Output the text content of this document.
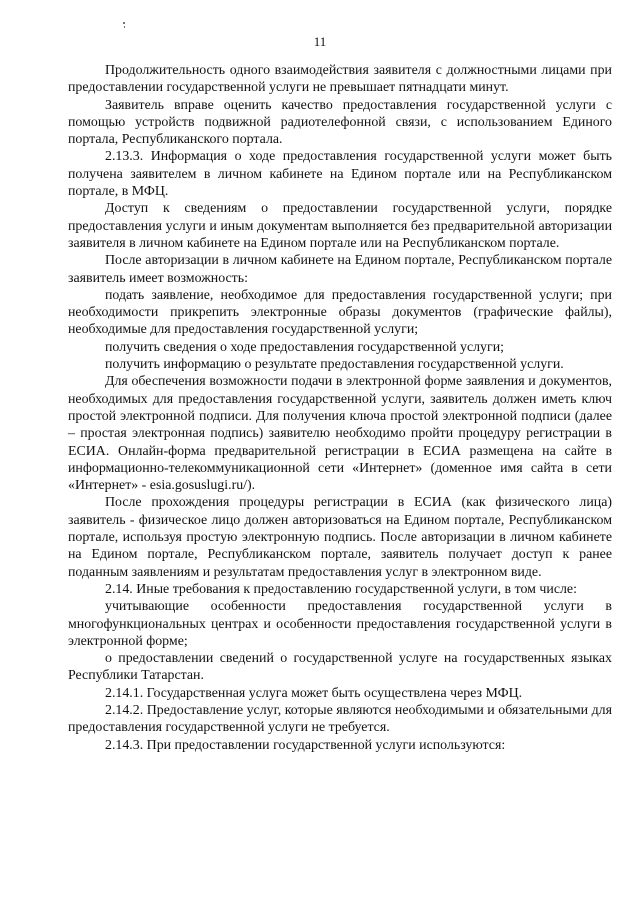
11

Продолжительность одного взаимодействия заявителя с должностными лицами при предоставлении государственной услуги не превышает пятнадцати минут.

Заявитель вправе оценить качество предоставления государственной услуги с помощью устройств подвижной радиотелефонной связи, с использованием Единого портала, Республиканского портала.

2.13.3. Информация о ходе предоставления государственной услуги может быть получена заявителем в личном кабинете на Едином портале или на Республиканском портале, в МФЦ.

Доступ к сведениям о предоставлении государственной услуги, порядке предоставления услуги и иным документам выполняется без предварительной авторизации заявителя в личном кабинете на Едином портале или на Республиканском портале.

После авторизации в личном кабинете на Едином портале, Республиканском портале заявитель имеет возможность:

подать заявление, необходимое для предоставления государственной услуги; при необходимости прикрепить электронные образы документов (графические файлы), необходимые для предоставления государственной услуги;

получить сведения о ходе предоставления государственной услуги;

получить информацию о результате предоставления государственной услуги.

Для обеспечения возможности подачи в электронной форме заявления и документов, необходимых для предоставления государственной услуги, заявитель должен иметь ключ простой электронной подписи. Для получения ключа простой электронной подписи (далее – простая электронная подпись) заявителю необходимо пройти процедуру регистрации в ЕСИА. Онлайн-форма предварительной регистрации в ЕСИА размещена на сайте в информационно-телекоммуникационной сети «Интернет» (доменное имя сайта в сети «Интернет» - esia.gosuslugi.ru/).

После прохождения процедуры регистрации в ЕСИА (как физического лица) заявитель - физическое лицо должен авторизоваться на Едином портале, Республиканском портале, используя простую электронную подпись. После авторизации в личном кабинете на Едином портале, Республиканском портале, заявитель получает доступ к ранее поданным заявлениям и результатам предоставления услуг в электронном виде.

2.14. Иные требования к предоставлению государственной услуги, в том числе:

учитывающие особенности предоставления государственной услуги в многофункциональных центрах и особенности предоставления государственной услуги в электронной форме;

о предоставлении сведений о государственной услуге на государственных языках Республики Татарстан.

2.14.1. Государственная услуга может быть осуществлена через МФЦ.

2.14.2. Предоставление услуг, которые являются необходимыми и обязательными для предоставления государственной услуги не требуется.

2.14.3. При предоставлении государственной услуги используются:
